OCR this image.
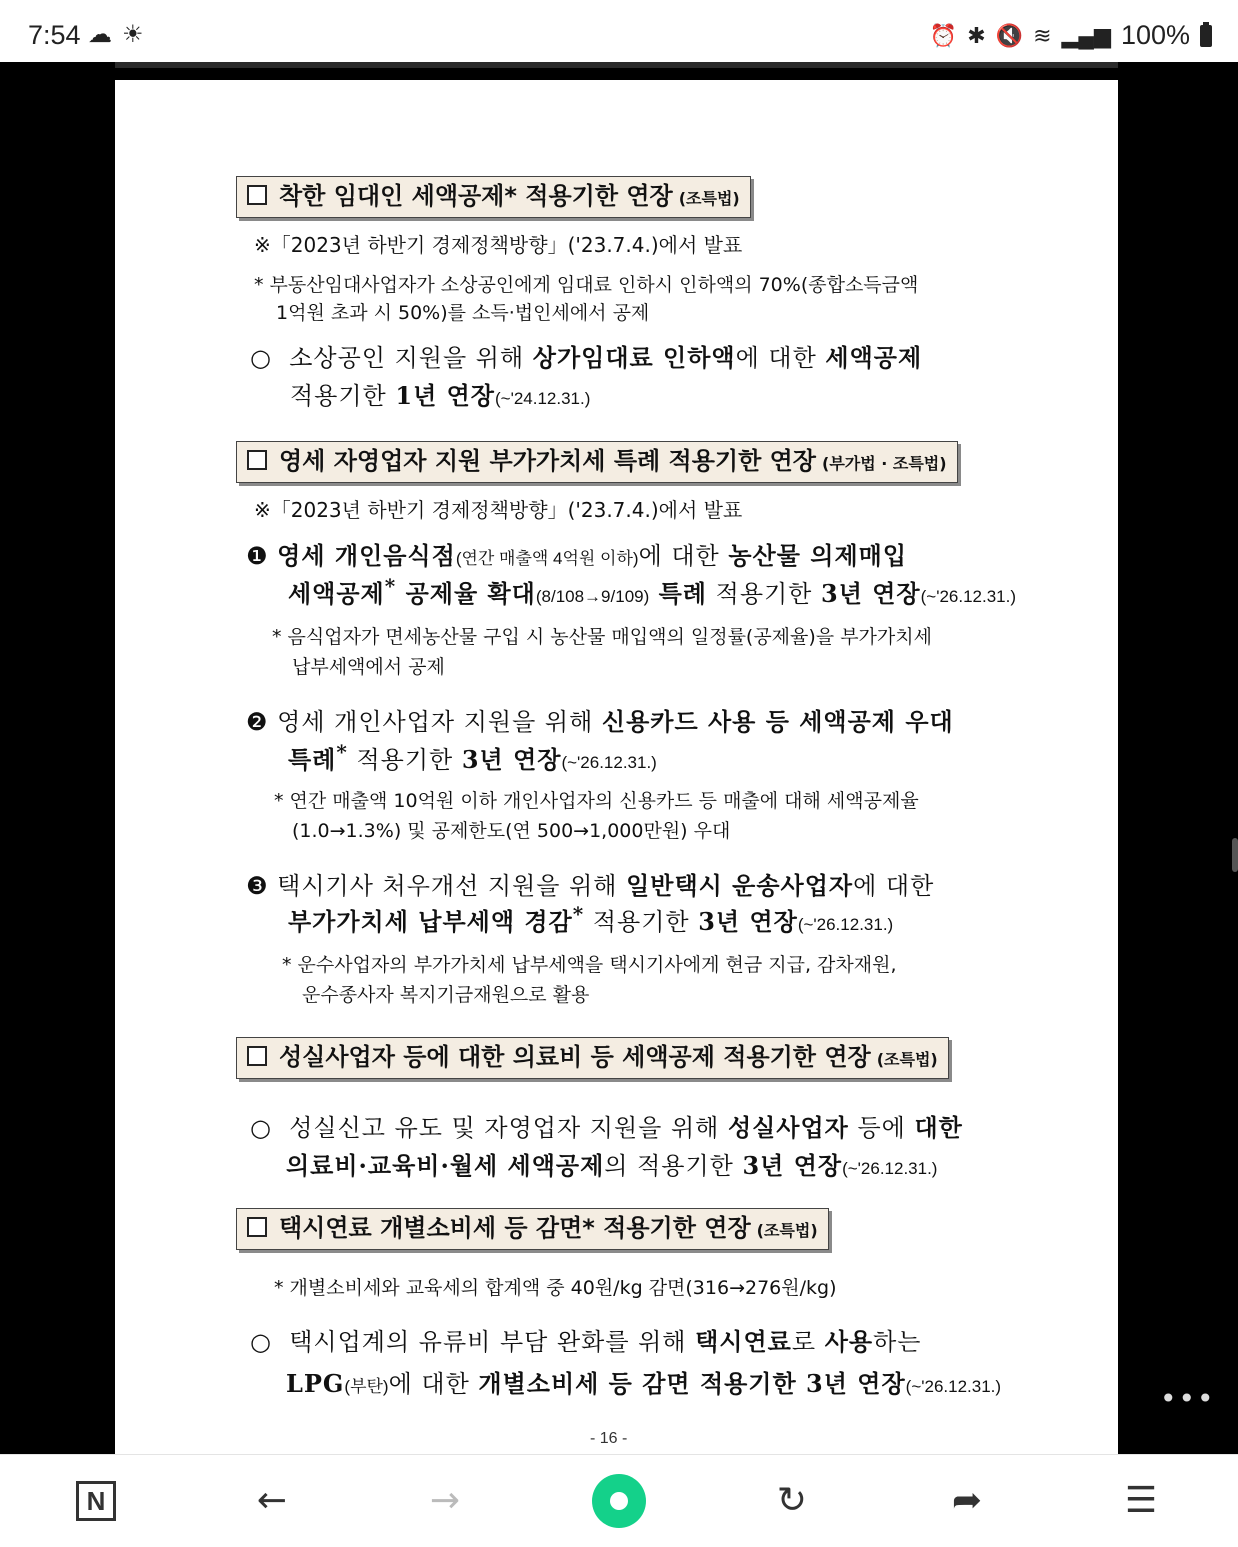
7:54 ☁ ☀	⏰ ✱ 🔇 ≋ ▂▄▆ 100%
착한 임대인 세액공제* 적용기한 연장 (조특법)
※「2023년 하반기 경제정책방향」('23.7.4.)에서 발표
* 부동산임대사업자가 소상공인에게 임대료 인하시 인하액의 70%(종합소득금액
1억원 초과 시 50%)를 소득·법인세에서 공제
○ 소상공인 지원을 위해 상가임대료 인하액에 대한 세액공제
적용기한 1년 연장(~'24.12.31.)
영세 자영업자 지원 부가가치세 특례 적용기한 연장 (부가법 · 조특법)
※「2023년 하반기 경제정책방향」('23.7.4.)에서 발표
❶ 영세 개인음식점(연간 매출액 4억원 이하)에 대한 농산물 의제매입
세액공제* 공제율 확대(8/108→9/109) 특례 적용기한 3년 연장(~'26.12.31.)
* 음식업자가 면세농산물 구입 시 농산물 매입액의 일정률(공제율)을 부가가치세
납부세액에서 공제
❷ 영세 개인사업자 지원을 위해 신용카드 사용 등 세액공제 우대
특례* 적용기한 3년 연장(~'26.12.31.)
* 연간 매출액 10억원 이하 개인사업자의 신용카드 등 매출에 대해 세액공제율
(1.0→1.3%) 및 공제한도(연 500→1,000만원) 우대
❸ 택시기사 처우개선 지원을 위해 일반택시 운송사업자에 대한
부가가치세 납부세액 경감* 적용기한 3년 연장(~'26.12.31.)
* 운수사업자의 부가가치세 납부세액을 택시기사에게 현금 지급, 감차재원,
운수종사자 복지기금재원으로 활용
성실사업자 등에 대한 의료비 등 세액공제 적용기한 연장 (조특법)
○ 성실신고 유도 및 자영업자 지원을 위해 성실사업자 등에 대한
의료비·교육비·월세 세액공제의 적용기한 3년 연장(~'26.12.31.)
택시연료 개별소비세 등 감면* 적용기한 연장 (조특법)
* 개별소비세와 교육세의 합계액 중 40원/kg 감면(316→276원/kg)
○ 택시업계의 유류비 부담 완화를 위해 택시연료로 사용하는
LPG(부탄)에 대한 개별소비세 등 감면 적용기한 3년 연장(~'26.12.31.)
- 16 -
•••
N	←	→	↻	➦	☰
